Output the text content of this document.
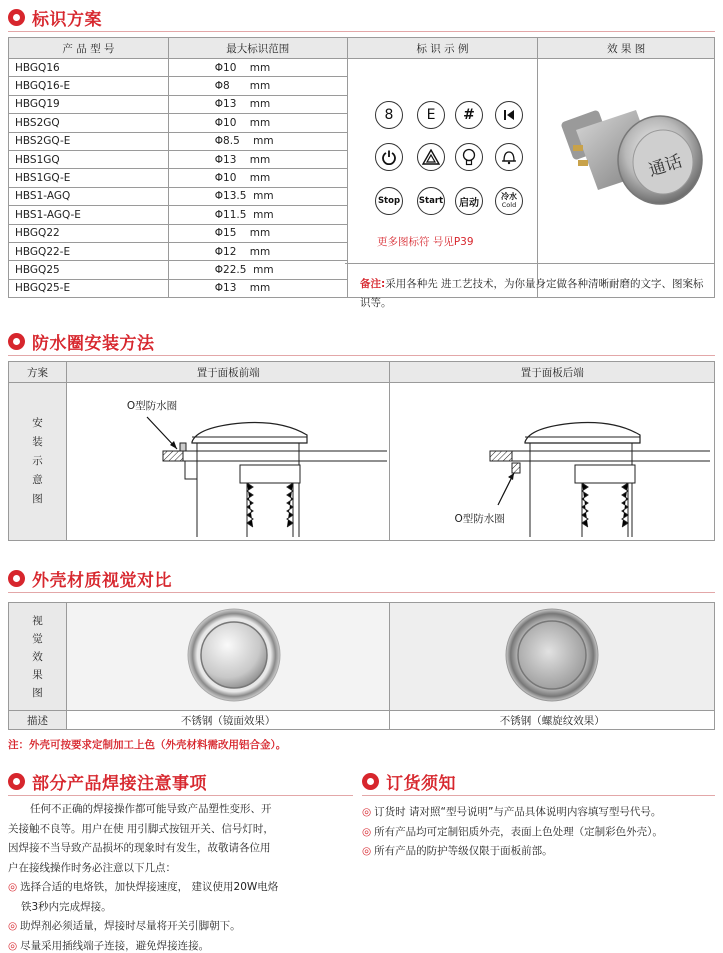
标识方案
产 品 型 号	最大标识范围	标 识 示 例	效 果 图
HBGQ16	Φ10    mm		
HBGQ16-E	Φ8      mm		
HBGQ19	Φ13    mm		
HBS2GQ	Φ10    mm		
HBS2GQ-E	Φ8.5    mm		
HBS1GQ	Φ13    mm		
HBS1GQ-E	Φ10    mm		
HBS1-AGQ	Φ13.5  mm		
HBS1-AGQ-E	Φ11.5  mm		
HBGQ22	Φ15    mm		
HBGQ22-E	Φ12    mm		
HBGQ25	Φ22.5  mm		
HBGQ25-E	Φ13    mm		
8 E #
Stop Start 启动
冷水
Cold
更多图标符 号见P39
通话
备注:采用各种先 进工艺技术，为你量身定做各种清晰耐磨的文字、图案标识等。
防水圈安装方法
方案	置于面板前端	置于面板后端

安
装
示
意
图	O型防水圈	O型防水圈
外壳材质视觉对比
视
觉
效
果
图

描述	不锈钢（镜面效果）	不锈钢（螺旋纹效果）
注：外壳可按要求定制加工上色（外壳材料需改用铝合金）。
部分产品焊接注意事项
任何不正确的焊接操作都可能导致产品塑性变形、开
关接触不良等。用户在使 用引脚式按钮开关、信号灯时，
因焊接不当导致产品损坏的现象时有发生，故敬请各位用
户在接线操作时务必注意以下几点：
◎ 选择合适的电烙铁，加快焊接速度， 建议使用20W电烙
铁3秒内完成焊接。
◎ 助焊剂必须适量，焊接时尽量将开关引脚朝下。
◎ 尽量采用插线端子连接，避免焊接连接。
订货须知
◎ 订货时 请对照“型号说明”与产品具体说明内容填写型号代号。
◎ 所有产品均可定制铝质外壳，表面上色处理（定制彩色外壳）。
◎ 所有产品的防护等级仅限于面板前部。
